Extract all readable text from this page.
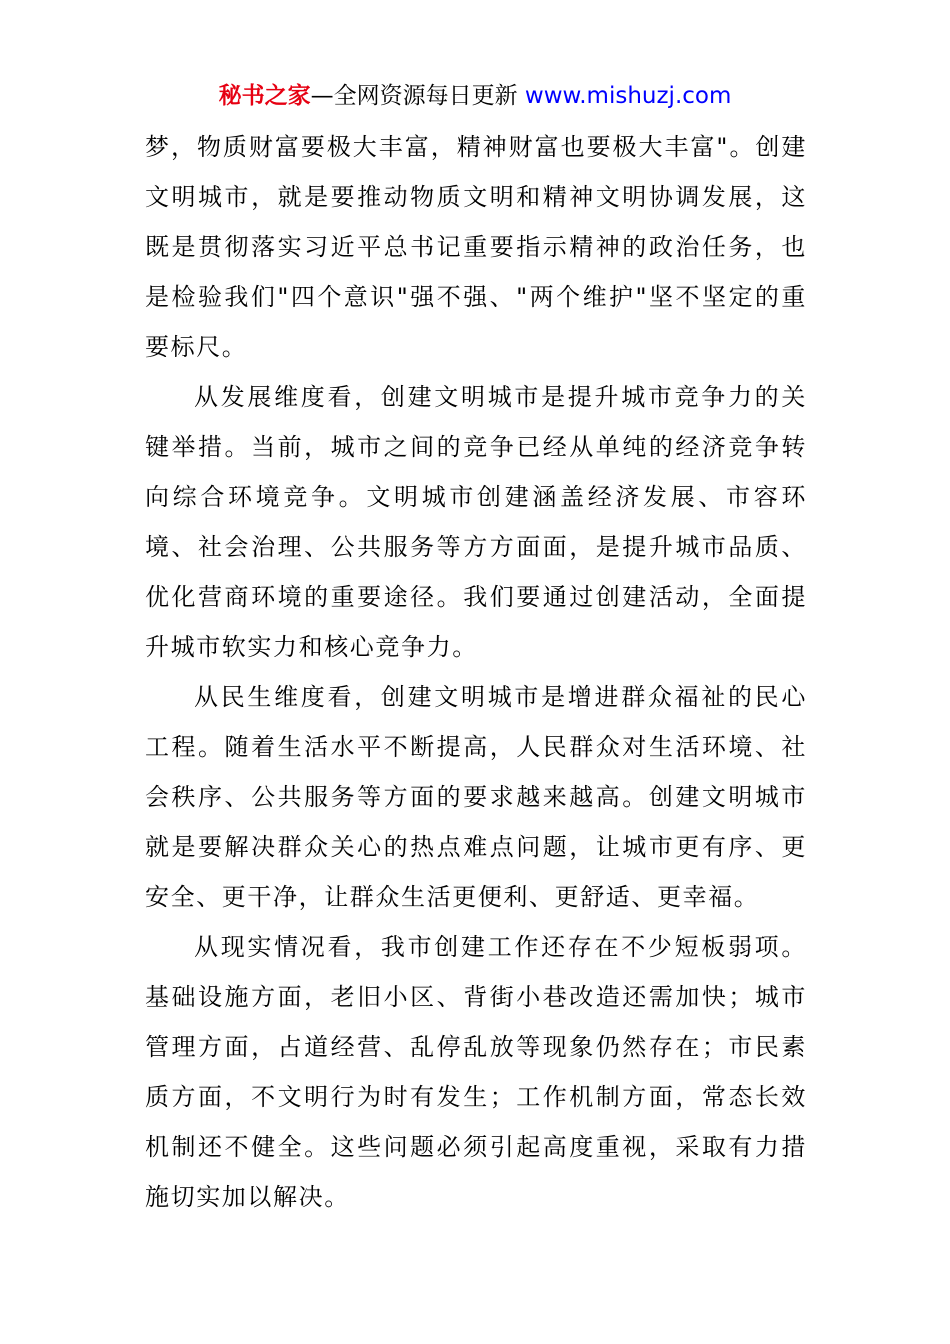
秘书之家—全网资源每日更新 www.mishuzj.com

梦，物质财富要极大丰富，精神财富也要极大丰富"。创建文明城市，就是要推动物质文明和精神文明协调发展，这既是贯彻落实习近平总书记重要指示精神的政治任务，也是检验我们"四个意识"强不强、"两个维护"坚不坚定的重要标尺。

从发展维度看，创建文明城市是提升城市竞争力的关键举措。当前，城市之间的竞争已经从单纯的经济竞争转向综合环境竞争。文明城市创建涵盖经济发展、市容环境、社会治理、公共服务等方方面面，是提升城市品质、优化营商环境的重要途径。我们要通过创建活动，全面提升城市软实力和核心竞争力。

从民生维度看，创建文明城市是增进群众福祉的民心工程。随着生活水平不断提高，人民群众对生活环境、社会秩序、公共服务等方面的要求越来越高。创建文明城市就是要解决群众关心的热点难点问题，让城市更有序、更安全、更干净，让群众生活更便利、更舒适、更幸福。

从现实情况看，我市创建工作还存在不少短板弱项。基础设施方面，老旧小区、背街小巷改造还需加快；城市管理方面，占道经营、乱停乱放等现象仍然存在；市民素质方面，不文明行为时有发生；工作机制方面，常态长效机制还不健全。这些问题必须引起高度重视，采取有力措施切实加以解决。
